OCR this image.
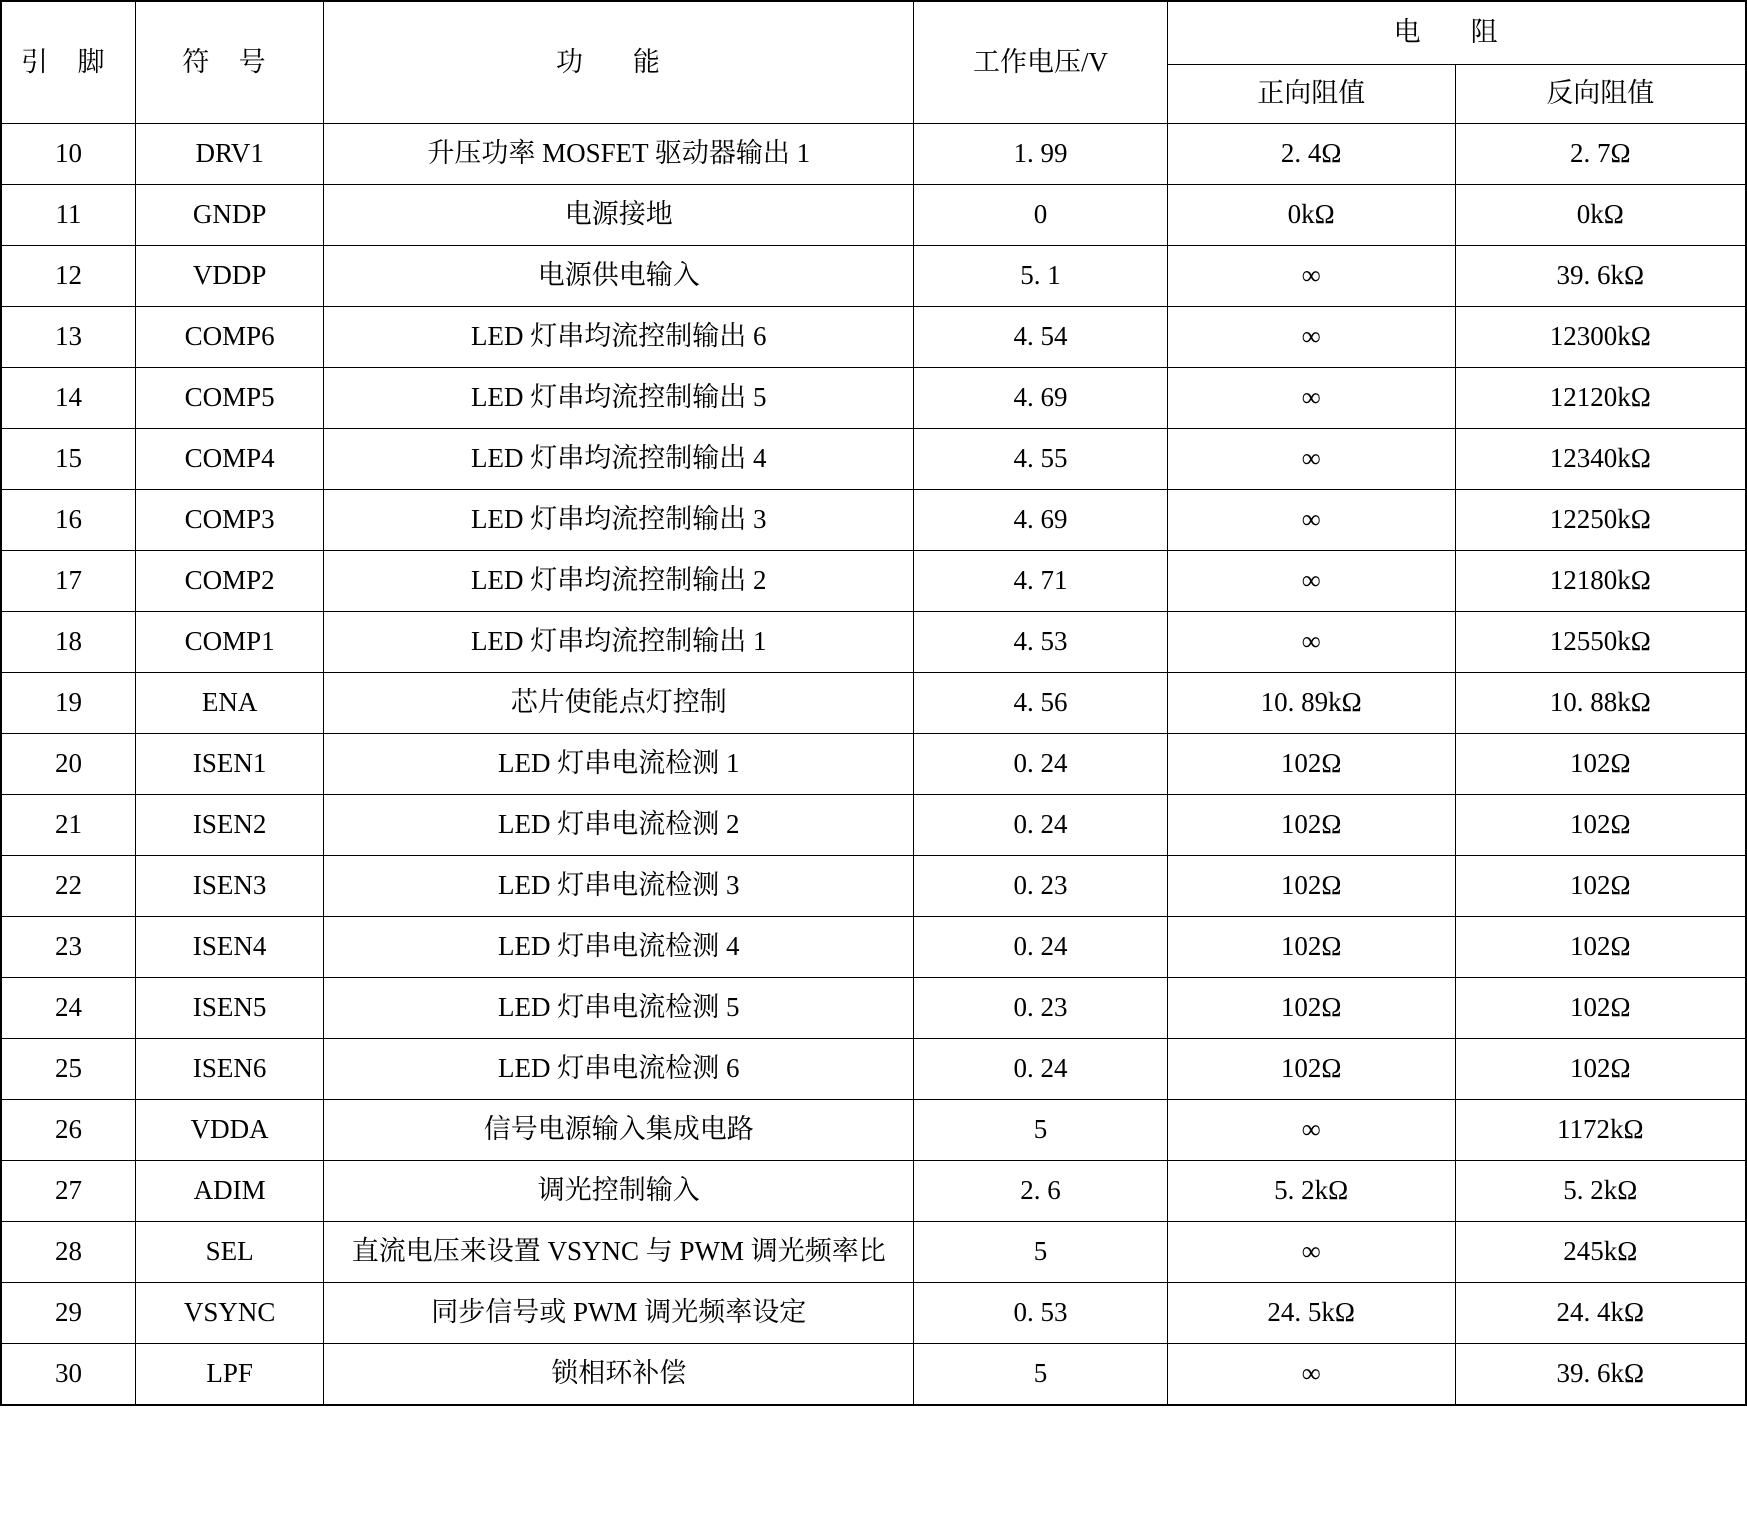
引 脚	符 号	功 能	工作电压/V	电 阻	
				正向阻值	反向阻值
10	DRV1	升压功率 MOSFET 驱动器输出 1	1. 99	2. 4Ω	2. 7Ω
11	GNDP	电源接地	0	0kΩ	0kΩ
12	VDDP	电源供电输入	5. 1	∞	39. 6kΩ
13	COMP6	LED 灯串均流控制输出 6	4. 54	∞	12300kΩ
14	COMP5	LED 灯串均流控制输出 5	4. 69	∞	12120kΩ
15	COMP4	LED 灯串均流控制输出 4	4. 55	∞	12340kΩ
16	COMP3	LED 灯串均流控制输出 3	4. 69	∞	12250kΩ
17	COMP2	LED 灯串均流控制输出 2	4. 71	∞	12180kΩ
18	COMP1	LED 灯串均流控制输出 1	4. 53	∞	12550kΩ
19	ENA	芯片使能点灯控制	4. 56	10. 89kΩ	10. 88kΩ
20	ISEN1	LED 灯串电流检测 1	0. 24	102Ω	102Ω
21	ISEN2	LED 灯串电流检测 2	0. 24	102Ω	102Ω
22	ISEN3	LED 灯串电流检测 3	0. 23	102Ω	102Ω
23	ISEN4	LED 灯串电流检测 4	0. 24	102Ω	102Ω
24	ISEN5	LED 灯串电流检测 5	0. 23	102Ω	102Ω
25	ISEN6	LED 灯串电流检测 6	0. 24	102Ω	102Ω
26	VDDA	信号电源输入集成电路	5	∞	1172kΩ
27	ADIM	调光控制输入	2. 6	5. 2kΩ	5. 2kΩ
28	SEL	直流电压来设置 VSYNC 与 PWM 调光频率比	5	∞	245kΩ
29	VSYNC	同步信号或 PWM 调光频率设定	0. 53	24. 5kΩ	24. 4kΩ
30	LPF	锁相环补偿	5	∞	39. 6kΩ
